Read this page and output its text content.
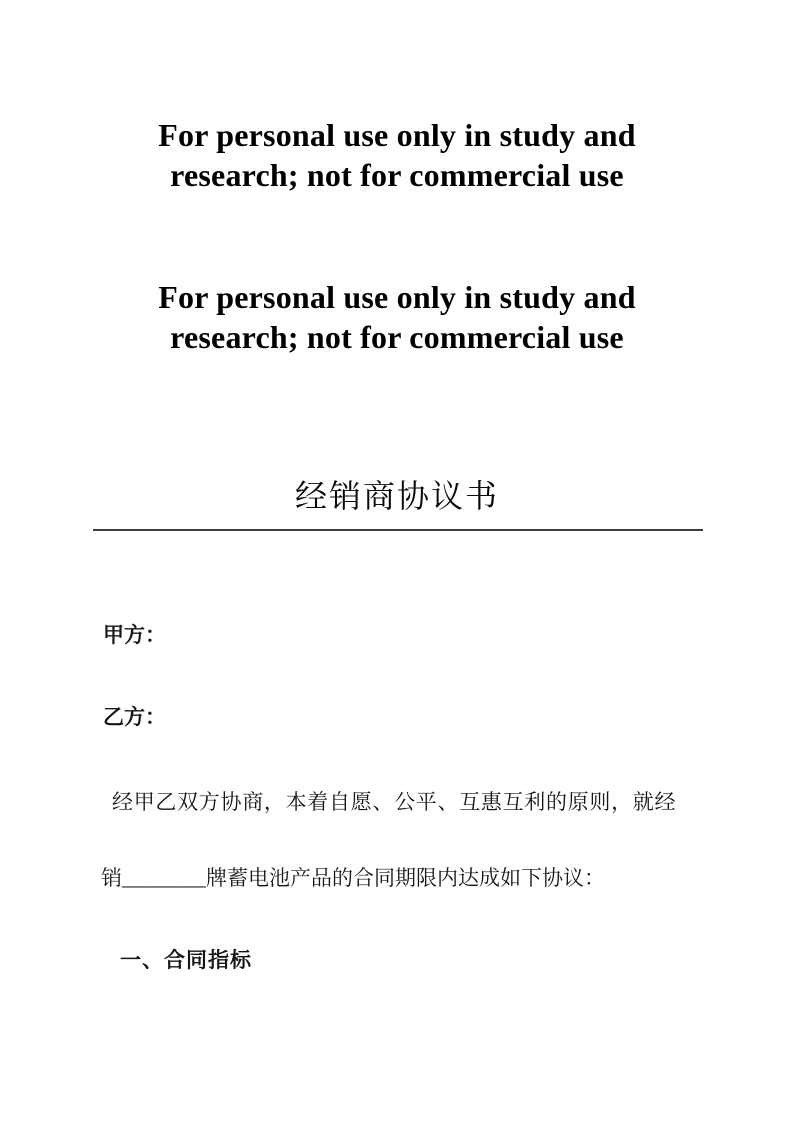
For personal use only in study and
research; not for commercial use
For personal use only in study and
research; not for commercial use
经销商协议书
甲方：
乙方：
经甲乙双方协商，本着自愿、公平、互惠互利的原则，就经
销________牌蓄电池产品的合同期限内达成如下协议：
一、合同指标
